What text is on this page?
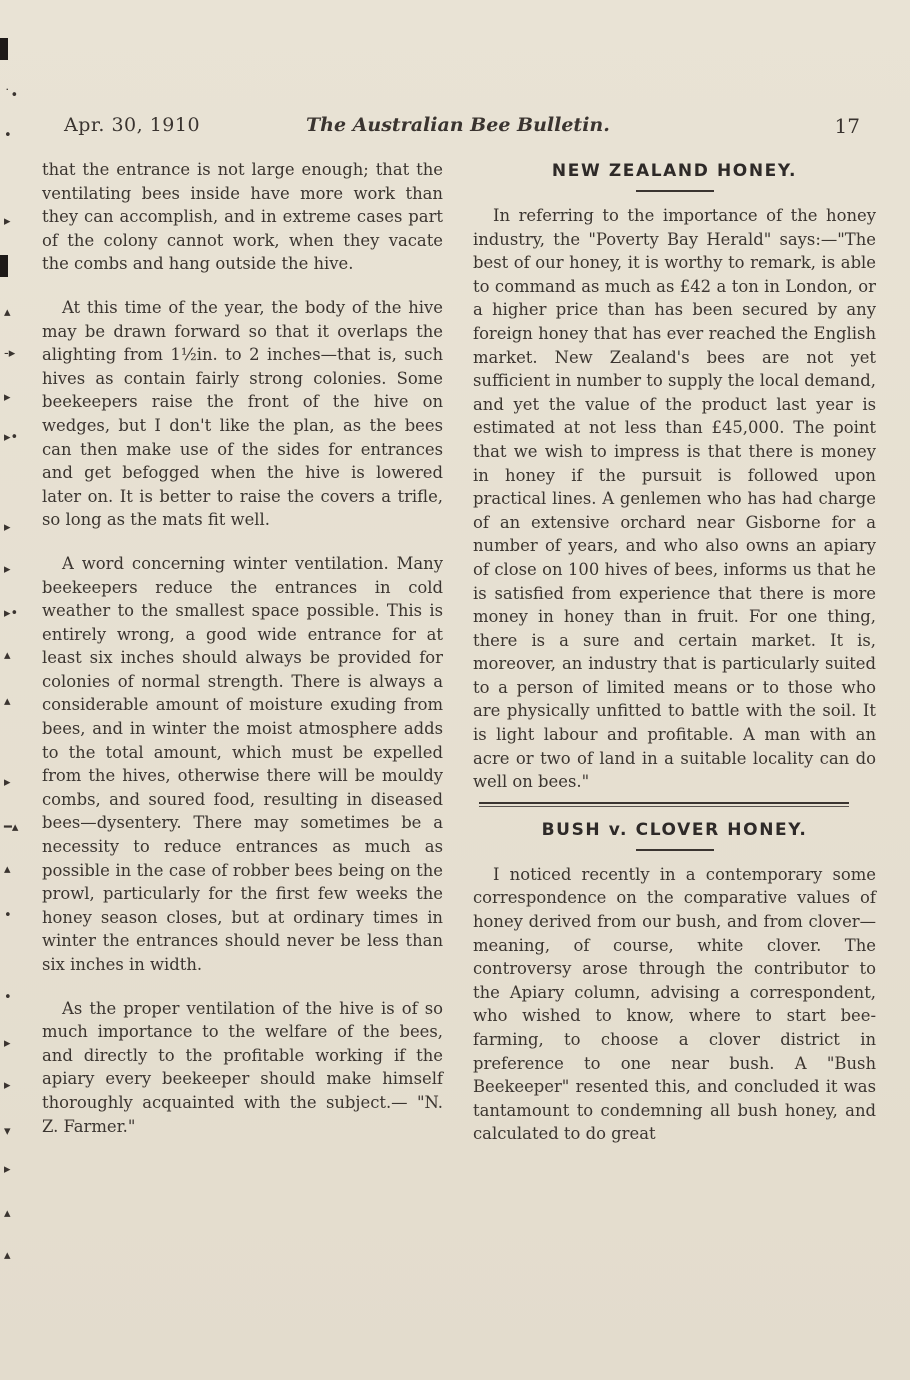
˙•
•
▸
▴
-▸
▸
▸•
▸
▸
▸•
▴
▴
▸
━▴
▴
•
•
▸
▸
▾
▸
▴
▴
Apr. 30, 1910	The Australian Bee Bulletin.	17

that the entrance is not large enough; that the ventilating bees inside have more work than they can accomplish, and in extreme cases part of the colony cannot work, when they vacate the combs and hang outside the hive.

At this time of the year, the body of the hive may be drawn forward so that it overlaps the alighting from 1½in. to 2 inches—that is, such hives as contain fairly strong colonies. Some beekeepers raise the front of the hive on wedges, but I don't like the plan, as the bees can then make use of the sides for entrances and get befogged when the hive is lowered later on. It is better to raise the covers a trifle, so long as the mats fit well.

A word concerning winter ventilation. Many beekeepers reduce the entrances in cold weather to the smallest space possible. This is entirely wrong, a good wide entrance for at least six inches should always be provided for colonies of normal strength. There is always a considerable amount of moisture exuding from bees, and in winter the moist atmosphere adds to the total amount, which must be expelled from the hives, otherwise there will be mouldy combs, and soured food, resulting in diseased bees—dysentery. There may sometimes be a necessity to reduce entrances as much as possible in the case of robber bees being on the prowl, particularly for the first few weeks the honey season closes, but at ordinary times in winter the entrances should never be less than six inches in width.

As the proper ventilation of the hive is of so much importance to the welfare of the bees, and directly to the profitable working if the apiary every beekeeper should make himself thoroughly acquainted with the subject.— "N. Z. Farmer."

NEW ZEALAND HONEY.

In referring to the importance of the honey industry, the "Poverty Bay Herald" says:—"The best of our honey, it is worthy to remark, is able to command as much as £42 a ton in London, or a higher price than has been secured by any foreign honey that has ever reached the English market. New Zealand's bees are not yet sufficient in number to supply the local demand, and yet the value of the product last year is estimated at not less than £45,000. The point that we wish to impress is that there is money in honey if the pursuit is followed upon practical lines. A genlemen who has had charge of an extensive orchard near Gisborne for a number of years, and who also owns an apiary of close on 100 hives of bees, informs us that he is satisfied from experience that there is more money in honey than in fruit. For one thing, there is a sure and certain market. It is, moreover, an industry that is particularly suited to a person of limited means or to those who are physically unfitted to battle with the soil. It is light labour and profitable. A man with an acre or two of land in a suitable locality can do well on bees."

BUSH v. CLOVER HONEY.

I noticed recently in a contemporary some correspondence on the comparative values of honey derived from our bush, and from clover—meaning, of course, white clover. The controversy arose through the contributor to the Apiary column, advising a correspondent, who wished to know, where to start bee-farming, to choose a clover district in preference to one near bush. A "Bush Beekeeper" resented this, and concluded it was tantamount to condemning all bush honey, and calculated to do great
